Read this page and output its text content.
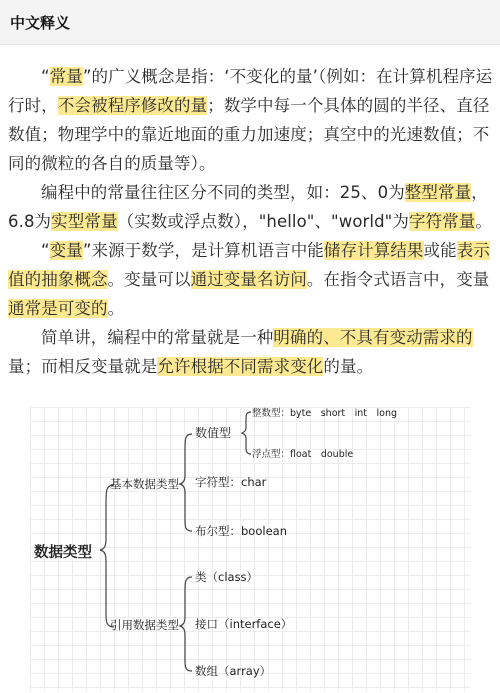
中文释义

“常量”的广义概念是指：‘不变化的量’（例如：在计算机程序运行时，不会被程序修改的量；数学中每一个具体的圆的半径、直径数值；物理学中的靠近地面的重力加速度；真空中的光速数值；不同的微粒的各自的质量等）。

编程中的常量往往区分不同的类型，如：25、0为整型常量，6.8为实型常量（实数或浮点数），"hello"、"world"为字符常量。

“变量”来源于数学，是计算机语言中能储存计算结果或能表示值的抽象概念。变量可以通过变量名访问。在指令式语言中，变量通常是可变的。

简单讲，编程中的常量就是一种明确的、不具有变动需求的量；而相反变量就是允许根据不同需求变化的量。

数据类型
基本数据类型
数值型
整数型：byte　short　int　long
浮点型：float　double
字符型：char
布尔型：boolean
引用数据类型
类（class）
接口（interface）
数组（array）
